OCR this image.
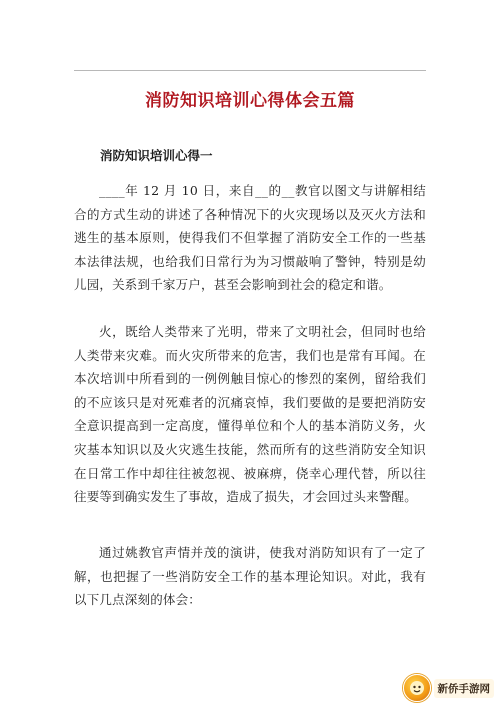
消防知识培训心得体会五篇
消防知识培训心得一

____年 12 月 10 日，来自__的__教官以图文与讲解相结合的方式生动的讲述了各种情况下的火灾现场以及灭火方法和逃生的基本原则，使得我们不但掌握了消防安全工作的一些基本法律法规，也给我们日常行为为习惯敲响了警钟，特别是幼儿园，关系到千家万户，甚至会影响到社会的稳定和谐。

火，既给人类带来了光明，带来了文明社会，但同时也给人类带来灾难。而火灾所带来的危害，我们也是常有耳闻。在本次培训中所看到的一例例触目惊心的惨烈的案例，留给我们的不应该只是对死难者的沉痛哀悼，我们要做的是要把消防安全意识提高到一定高度，懂得单位和个人的基本消防义务，火灾基本知识以及火灾逃生技能，然而所有的这些消防安全知识在日常工作中却往往被忽视、被麻痹，侥幸心理代替，所以往往要等到确实发生了事故，造成了损失，才会回过头来警醒。

通过姚教官声情并茂的演讲，使我对消防知识有了一定了解，也把握了一些消防安全工作的基本理论知识。对此，我有以下几点深刻的体会：

新侨手游网
